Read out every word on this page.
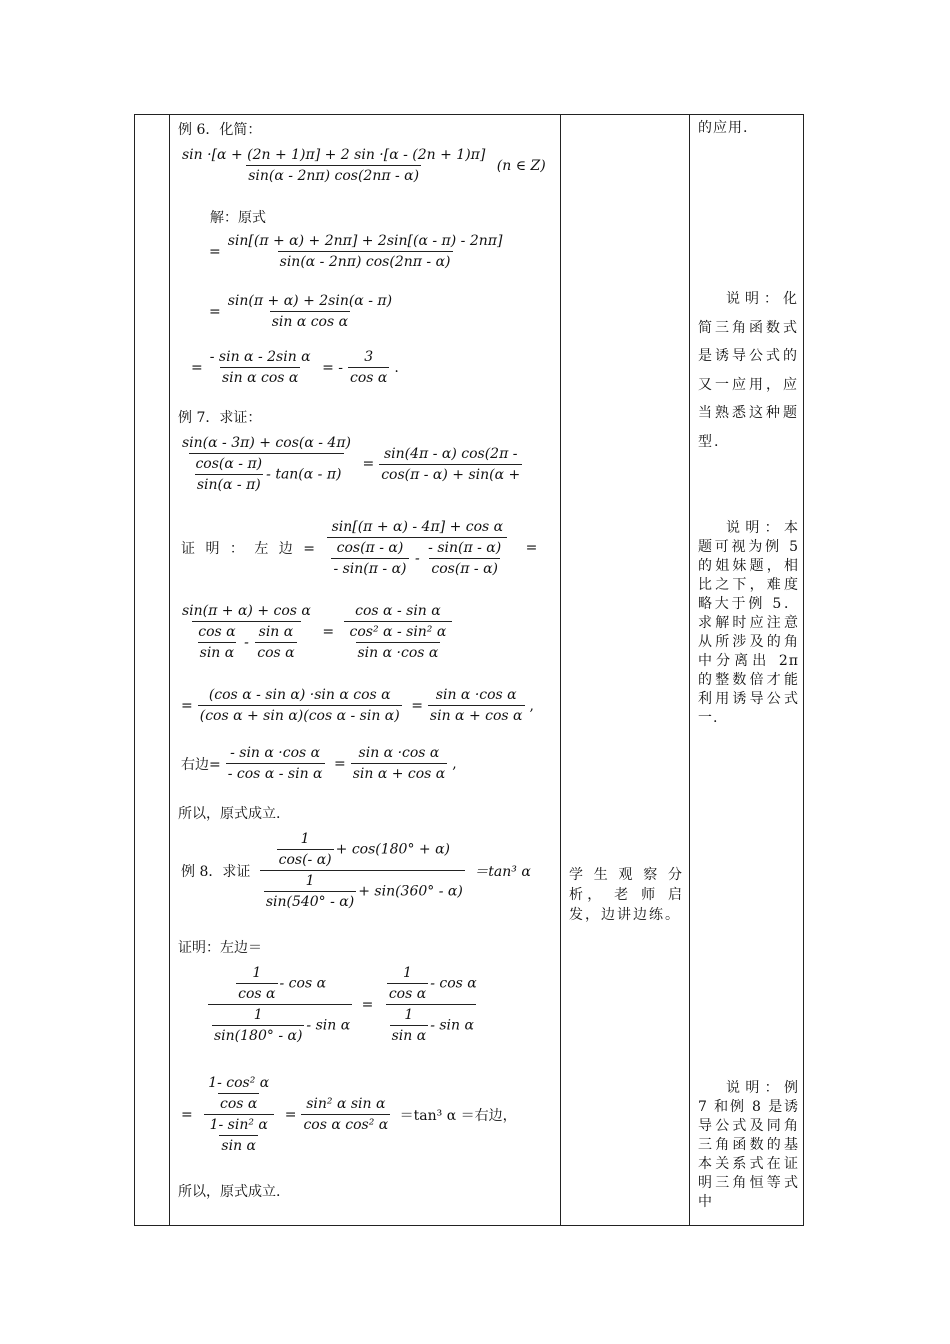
例 6．化简：
$\frac{\sin \cdot[\alpha + (2n + 1)\pi] + 2 \sin \cdot[\alpha - (2n + 1)\pi]}{\sin(\alpha - 2n\pi) \cos(2n\pi - \alpha)} (n$ ∈ Z)
解：原式
= $\frac{\sin[(\pi + \alpha) + 2n\pi] + 2\sin[(\alpha - \pi) - 2n\pi]}{\sin(\alpha - 2n\pi) \cos(2n\pi - \alpha)}$
= $\frac{\sin(\pi + \alpha) + 2\sin(\alpha - \pi)}{\text{sin α cos α}}$
= $\frac{\text{- sin α - 2sin α}}{\text{sin α cos α}}$ = - $\frac{3}{\text{cos α}}$ .
例 7．求证：
$\frac{\sin(\alpha - 3\pi) + \cos(\alpha - 4\pi)}{\frac{\cos(\alpha - \pi)}{\sin(\alpha - \pi)} - \tan(\alpha - \pi)} = \frac{\sin(4\pi - \alpha) \cos(2\pi -}{\cos(\pi - \alpha) + \sin(\alpha +}$
证 明 ： 左 边 = $\frac{\text{sin[(π + α) - 4π] + cos α}}{\frac{\cos(\pi - \alpha)}{- \sin(\pi - \alpha)} - \frac{- \sin(\pi - \alpha)}{\cos(\pi - \alpha)}}$ =
$\frac{\text{sin(π + α) + cos α}}{\frac{\text{cos α}}{\text{sin α}} - \frac{\text{sin α}}{\text{cos α}}} = \frac{\text{cos α - sin α}}{\frac{\text{cos² α - sin² α}}{\text{sin α ·cos α}}}$
= $\frac{\text{(cos α - sin α) ·sin α cos α}}{\text{(cos α + sin α)(cos α - sin α)}} = \frac{\text{sin α ·cos α}}{\text{sin α + cos α}}$ ,
右边= $\frac{\text{- sin α ·cos α}}{\text{- cos α - sin α}} = \frac{\text{sin α ·cos α}}{\text{sin α + cos α}}$ ,
所以，原式成立.
例 8．求证 $\frac{\frac{1}{\cos(- \alpha)} + \cos(180^\circ + \alpha)}{\frac{1}{\sin(540^\circ - \alpha)} + \sin(360^\circ - \alpha)} =\tan^3$ α
证明：左边＝
$\frac{\frac{1}{\text{cos α}} - \cos \alpha}{\frac{1}{\sin(180^\circ - \alpha)} - \sin \alpha} = \frac{\frac{1}{\text{cos α}} - \cos \alpha}{\frac{1}{\text{sin α}} - \sin \alpha}$
= $\frac{\frac{\text{1- cos² α}}{\text{cos α}}}{\frac{\text{1- sin² α}}{\text{sin α}}} = \frac{\text{sin² α sin α}}{\text{cos α cos² α}} =\tan^3$ α ＝右边，
所以，原式成立.
学 生 观 察 分析， 老 师 启 发，边讲边练。
的应用.
说明：化简三角函数式是诱导公式的又一应用，应当熟悉这种题型.
说明：本题可视为例 5 的姐妹题，相比之下，难度略大于例 5．求解时应注意从所涉及的角中分离出 2π 的整数倍才能利用诱导公式一.
说明：例 7 和例 8 是诱导公式及同角三角函数的基本关系式在证明三角恒等式中
